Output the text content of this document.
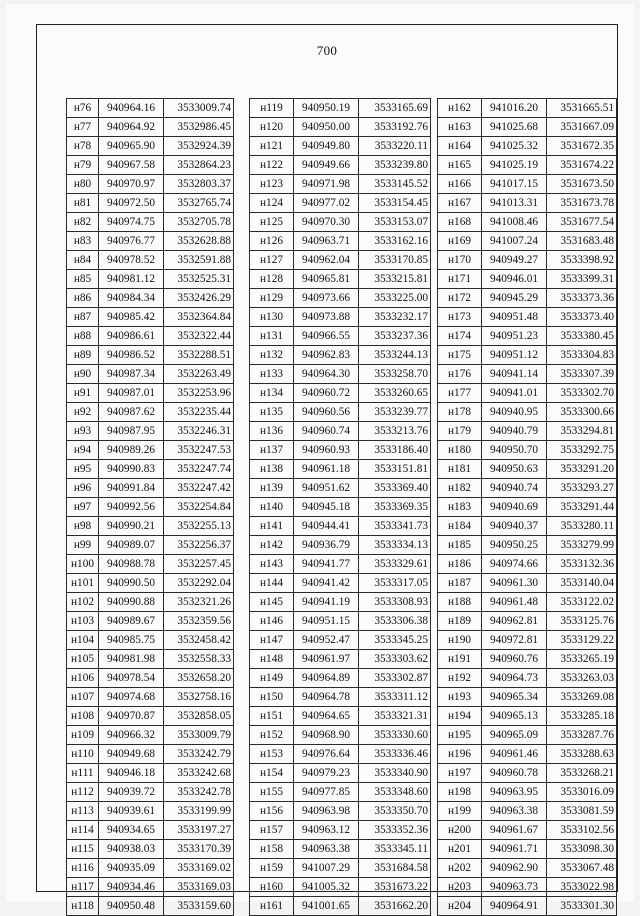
700
н76	940964.16	3533009.74
н77	940964.92	3532986.45
н78	940965.90	3532924.39
н79	940967.58	3532864.23
н80	940970.97	3532803.37
н81	940972.50	3532765.74
н82	940974.75	3532705.78
н83	940976.77	3532628.88
н84	940978.52	3532591.88
н85	940981.12	3532525.31
н86	940984.34	3532426.29
н87	940985.42	3532364.84
н88	940986.61	3532322.44
н89	940986.52	3532288.51
н90	940987.34	3532263.49
н91	940987.01	3532253.96
н92	940987.62	3532235.44
н93	940987.95	3532246.31
н94	940989.26	3532247.53
н95	940990.83	3532247.74
н96	940991.84	3532247.42
н97	940992.56	3532254.84
н98	940990.21	3532255.13
н99	940989.07	3532256.37
н100	940988.78	3532257.45
н101	940990.50	3532292.04
н102	940990.88	3532321.26
н103	940989.67	3532359.56
н104	940985.75	3532458.42
н105	940981.98	3532558.33
н106	940978.54	3532658.20
н107	940974.68	3532758.16
н108	940970.87	3532858.05
н109	940966.32	3533009.79
н110	940949.68	3533242.79
н111	940946.18	3533242.68
н112	940939.72	3533242.78
н113	940939.61	3533199.99
н114	940934.65	3533197.27
н115	940938.03	3533170.39
н116	940935.09	3533169.02
н117	940934.46	3533169.03
н118	940950.48	3533159.60
н119	940950.19	3533165.69
н120	940950.00	3533192.76
н121	940949.80	3533220.11
н122	940949.66	3533239.80
н123	940971.98	3533145.52
н124	940977.02	3533154.45
н125	940970.30	3533153.07
н126	940963.71	3533162.16
н127	940962.04	3533170.85
н128	940965.81	3533215.81
н129	940973.66	3533225.00
н130	940973.88	3533232.17
н131	940966.55	3533237.36
н132	940962.83	3533244.13
н133	940964.30	3533258.70
н134	940960.72	3533260.65
н135	940960.56	3533239.77
н136	940960.74	3533213.76
н137	940960.93	3533186.40
н138	940961.18	3533151.81
н139	940951.62	3533369.40
н140	940945.18	3533369.35
н141	940944.41	3533341.73
н142	940936.79	3533334.13
н143	940941.77	3533329.61
н144	940941.42	3533317.05
н145	940941.19	3533308.93
н146	940951.15	3533306.38
н147	940952.47	3533345.25
н148	940961.97	3533303.62
н149	940964.89	3533302.87
н150	940964.78	3533311.12
н151	940964.65	3533321.31
н152	940968.90	3533330.60
н153	940976.64	3533336.46
н154	940979.23	3533340.90
н155	940977.85	3533348.60
н156	940963.98	3533350.70
н157	940963.12	3533352.36
н158	940963.38	3533345.11
н159	941007.29	3531684.58
н160	941005.32	3531673.22
н161	941001.65	3531662.20
н162	941016.20	3531665.51
н163	941025.68	3531667.09
н164	941025.32	3531672.35
н165	941025.19	3531674.22
н166	941017.15	3531673.50
н167	941013.31	3531673.78
н168	941008.46	3531677.54
н169	941007.24	3531683.48
н170	940949.27	3533398.92
н171	940946.01	3533399.31
н172	940945.29	3533373.36
н173	940951.48	3533373.40
н174	940951.23	3533380.45
н175	940951.12	3533304.83
н176	940941.14	3533307.39
н177	940941.01	3533302.70
н178	940940.95	3533300.66
н179	940940.79	3533294.81
н180	940950.70	3533292.75
н181	940950.63	3533291.20
н182	940940.74	3533293.27
н183	940940.69	3533291.44
н184	940940.37	3533280.11
н185	940950.25	3533279.99
н186	940974.66	3533132.36
н187	940961.30	3533140.04
н188	940961.48	3533122.02
н189	940962.81	3533125.76
н190	940972.81	3533129.22
н191	940960.76	3533265.19
н192	940964.73	3533263.03
н193	940965.34	3533269.08
н194	940965.13	3533285.18
н195	940965.09	3533287.76
н196	940961.46	3533288.63
н197	940960.78	3533268.21
н198	940963.95	3533016.09
н199	940963.38	3533081.59
н200	940961.67	3533102.56
н201	940961.71	3533098.30
н202	940962.90	3533067.48
н203	940963.73	3533022.98
н204	940964.91	3533301.30
